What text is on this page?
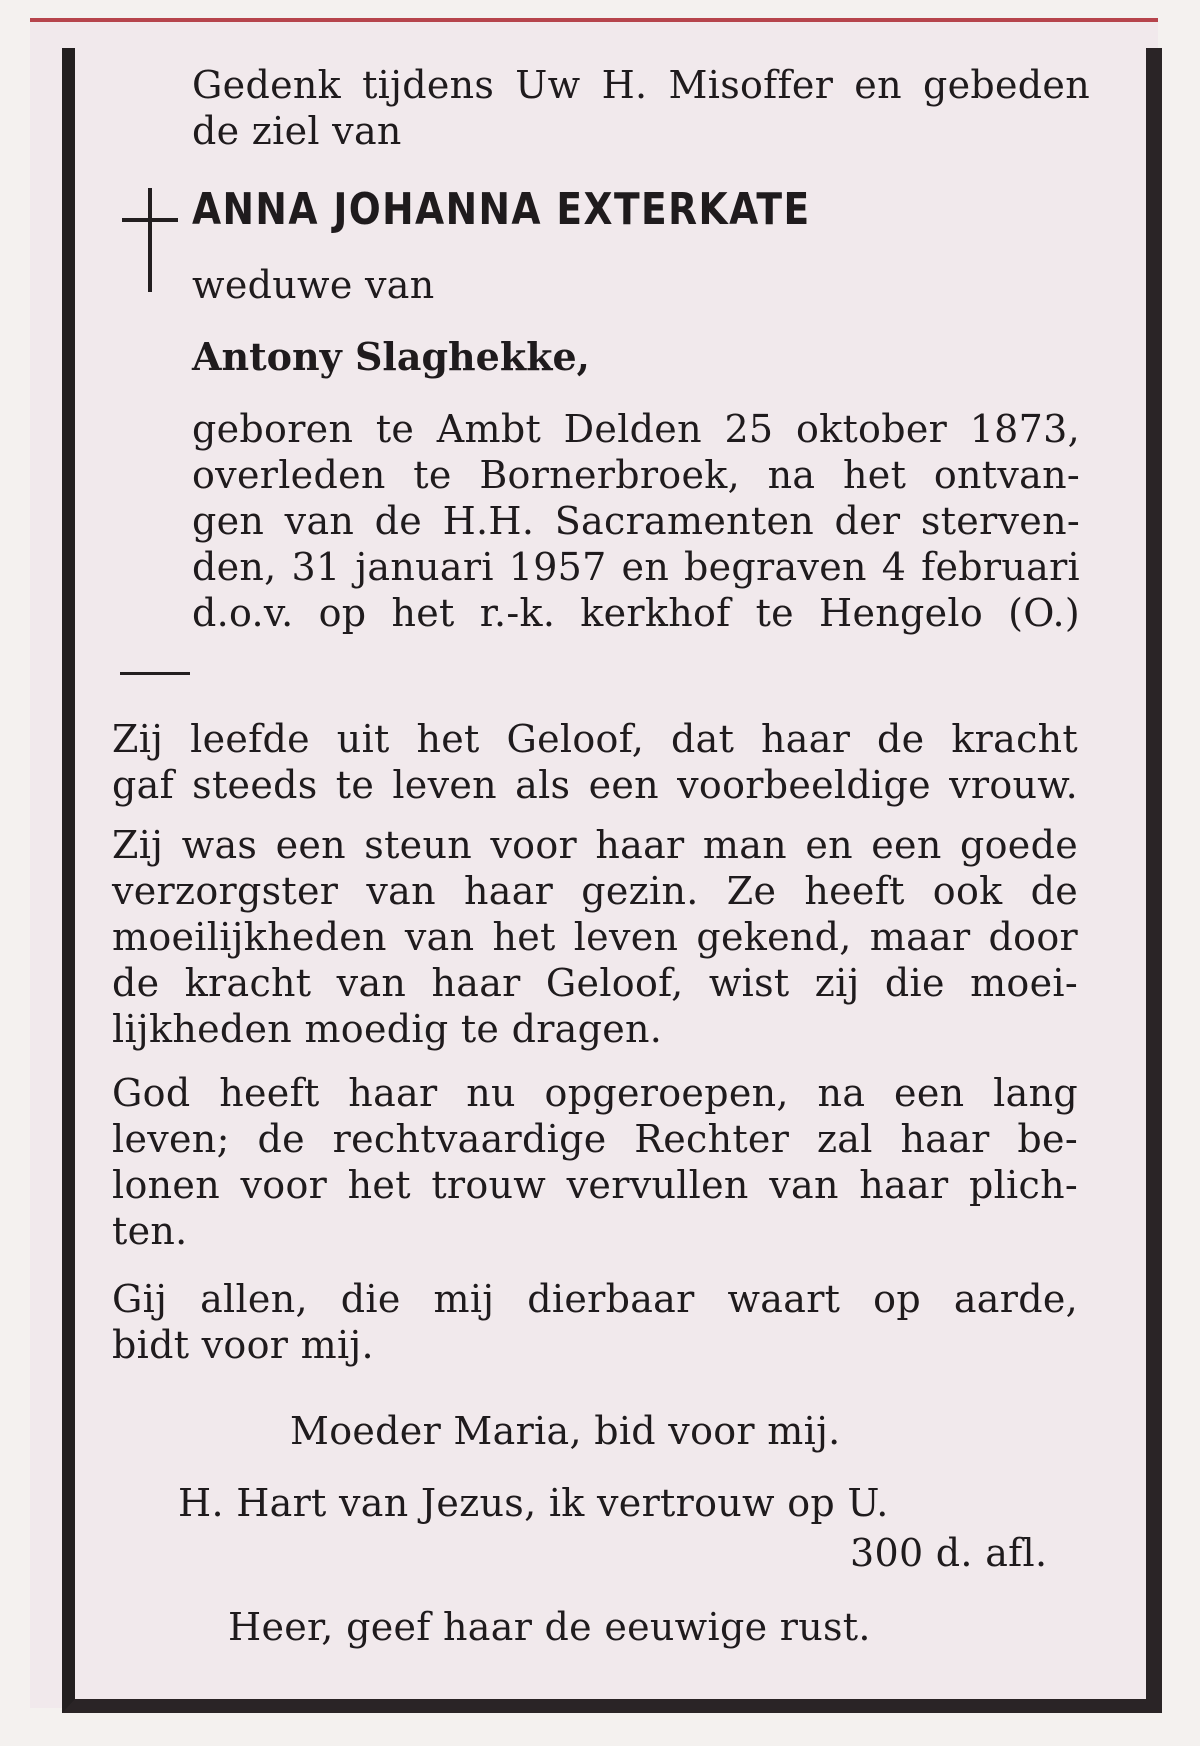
Gedenk tijdens Uw H. Misoffer en gebeden
de ziel van
ANNA JOHANNA EXTERKATE
weduwe van
Antony Slaghekke,
geboren te Ambt Delden 25 oktober 1873,
overleden te Bornerbroek, na het ontvan-
gen van de H.H. Sacramenten der sterven-
den, 31 januari 1957 en begraven 4 februari
d.o.v. op het r.-k. kerkhof te Hengelo (O.)
Zij leefde uit het Geloof, dat haar de kracht
gaf steeds te leven als een voorbeeldige vrouw.
Zij was een steun voor haar man en een goede
verzorgster van haar gezin. Ze heeft ook de
moeilijkheden van het leven gekend, maar door
de kracht van haar Geloof, wist zij die moei-
lijkheden moedig te dragen.
God heeft haar nu opgeroepen, na een lang
leven; de rechtvaardige Rechter zal haar be-
lonen voor het trouw vervullen van haar plich-
ten.
Gij allen, die mij dierbaar waart op aarde,
bidt voor mij.
Moeder Maria, bid voor mij.
H. Hart van Jezus, ik vertrouw op U.
300 d. afl.
Heer, geef haar de eeuwige rust.
